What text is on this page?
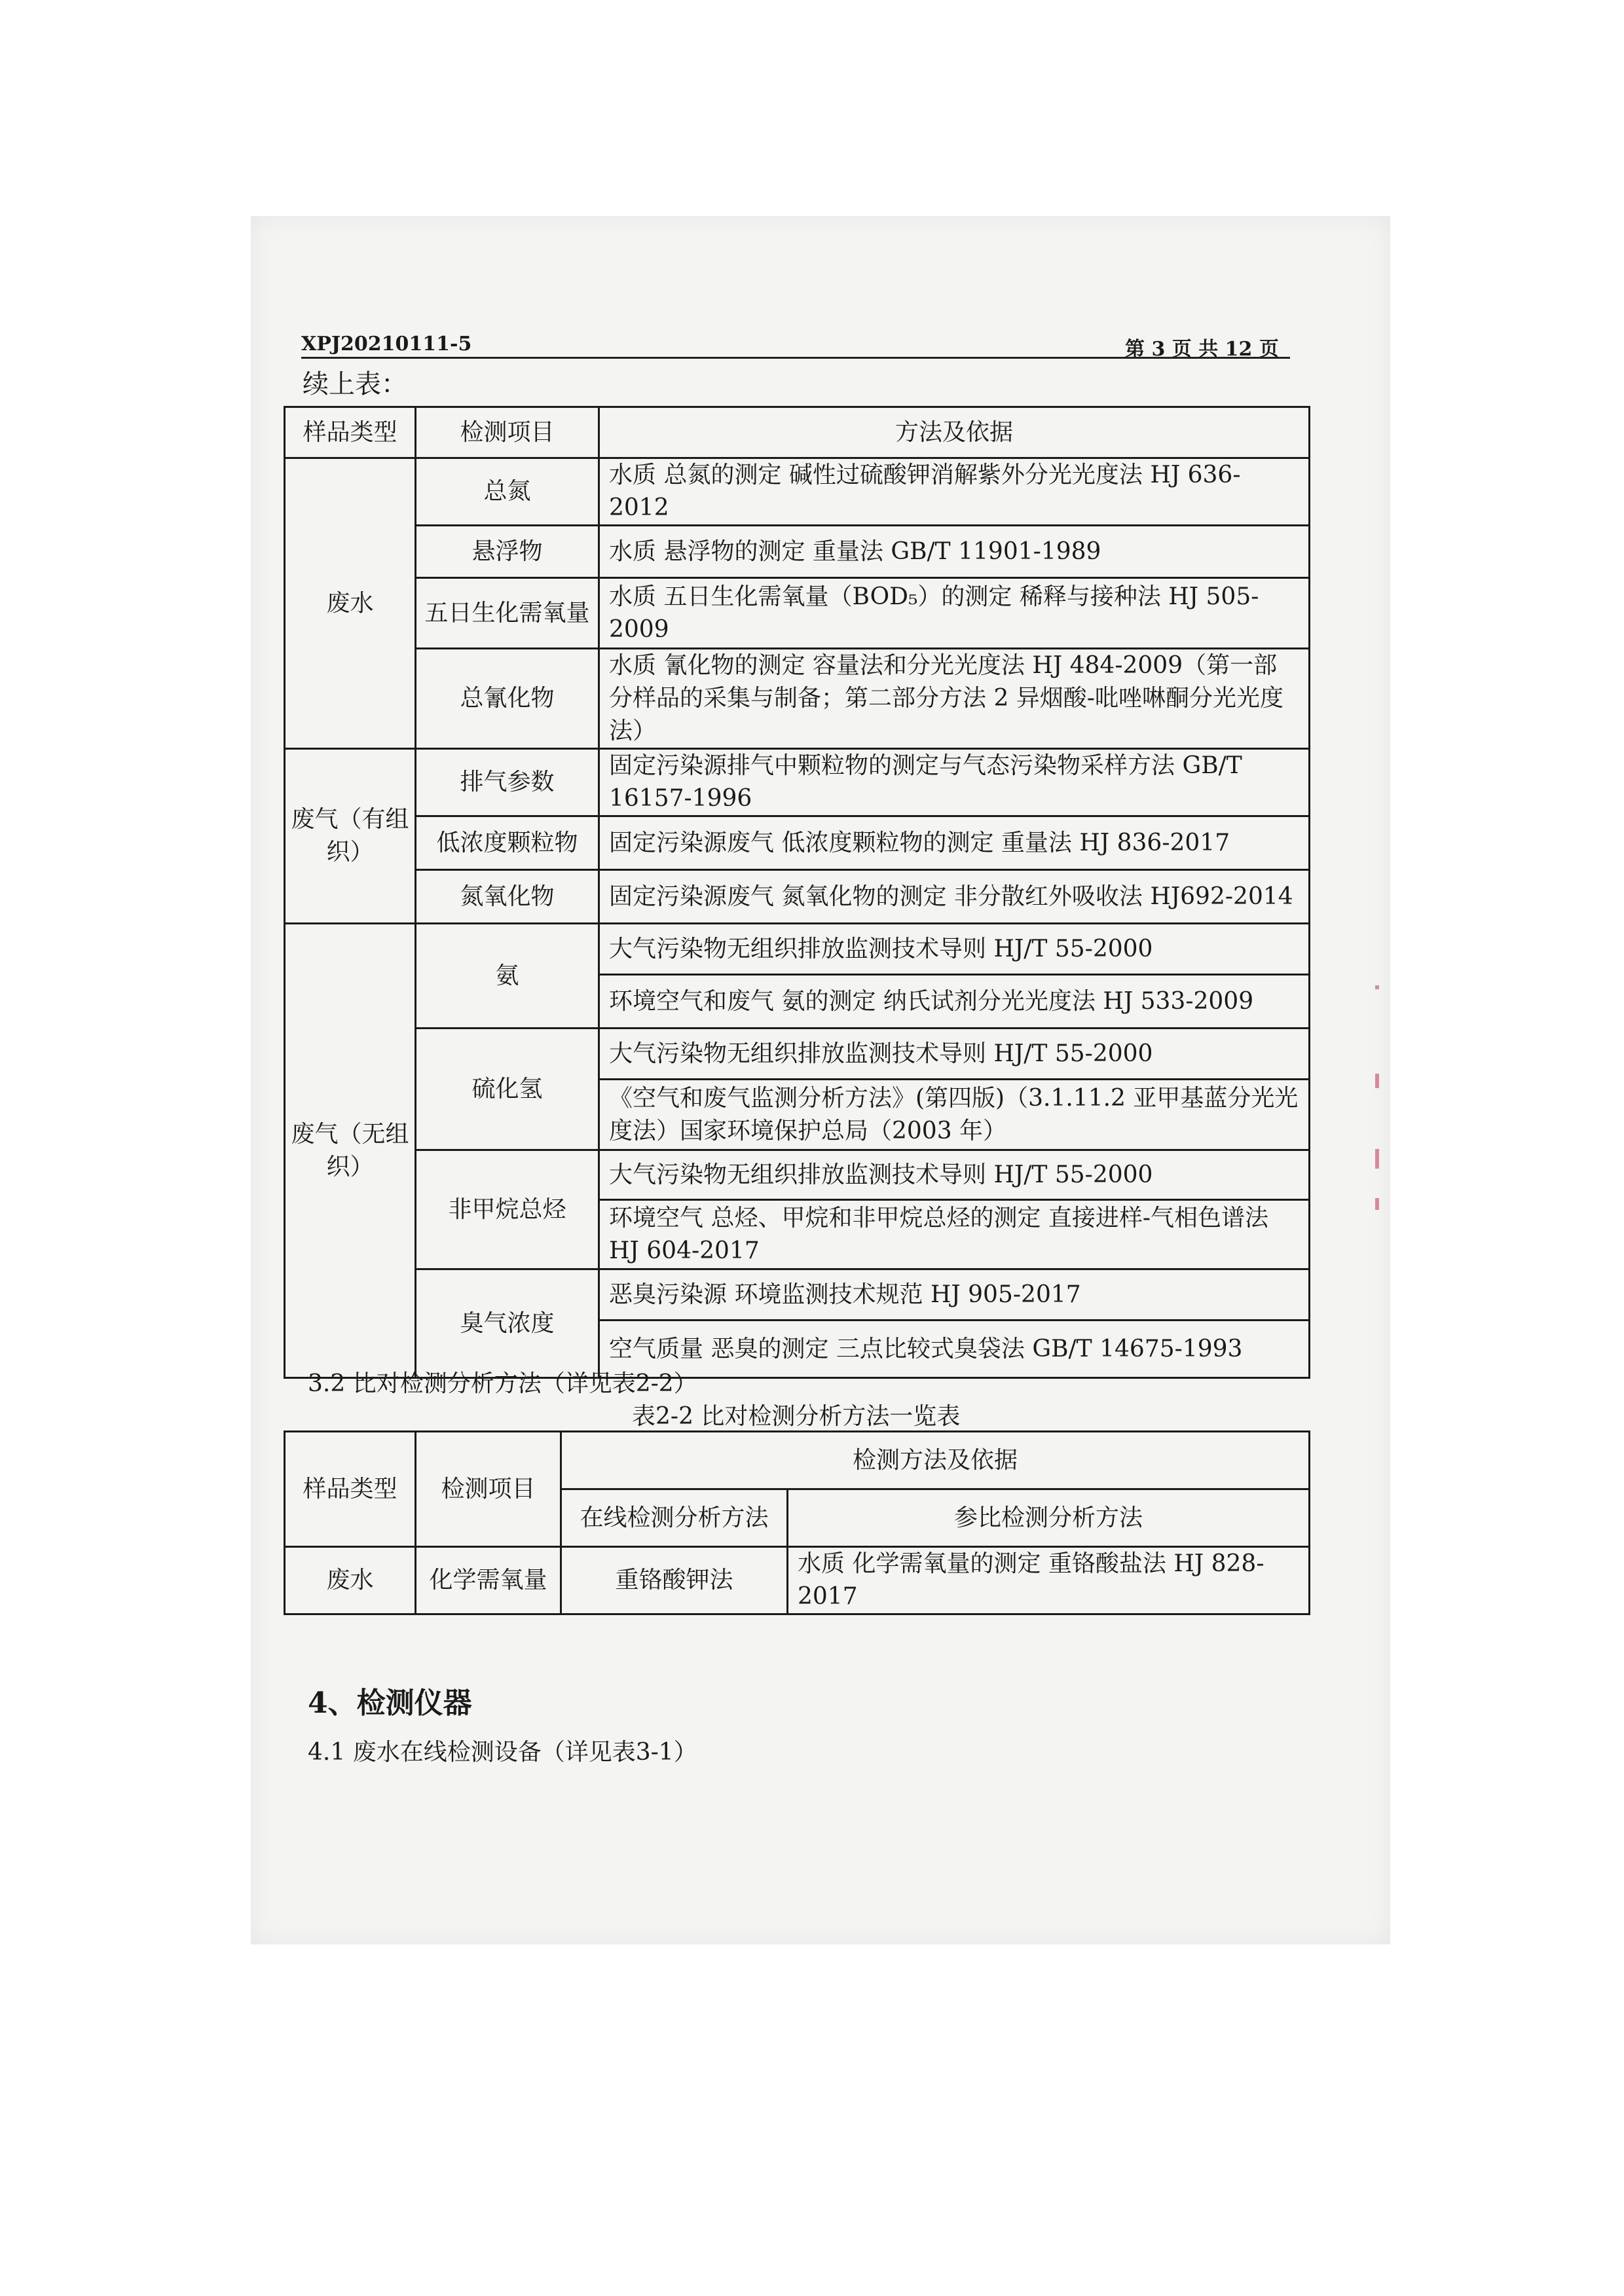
XPJ20210111-5	第 3 页 共 12 页
续上表：
样品类型	检测项目	方法及依据
废水	总氮	水质 总氮的测定 碱性过硫酸钾消解紫外分光光度法 HJ 636-2012
	悬浮物	水质 悬浮物的测定 重量法 GB/T 11901-1989
	五日生化需氧量	水质 五日生化需氧量（BOD₅）的测定 稀释与接种法 HJ 505-2009
	总氰化物	水质 氰化物的测定 容量法和分光光度法 HJ 484-2009（第一部分样品的采集与制备；第二部分方法 2 异烟酸-吡唑啉酮分光光度法）
废气（有组织）	排气参数	固定污染源排气中颗粒物的测定与气态污染物采样方法 GB/T 16157-1996
	低浓度颗粒物	固定污染源废气 低浓度颗粒物的测定 重量法 HJ 836-2017
	氮氧化物	固定污染源废气 氮氧化物的测定 非分散红外吸收法 HJ692-2014
废气（无组织）	氨	大气污染物无组织排放监测技术导则 HJ/T 55-2000
		环境空气和废气 氨的测定 纳氏试剂分光光度法 HJ 533-2009
	硫化氢	大气污染物无组织排放监测技术导则 HJ/T 55-2000
		《空气和废气监测分析方法》(第四版)（3.1.11.2 亚甲基蓝分光光度法）国家环境保护总局（2003 年）
	非甲烷总烃	大气污染物无组织排放监测技术导则 HJ/T 55-2000
		环境空气 总烃、甲烷和非甲烷总烃的测定 直接进样-气相色谱法 HJ 604-2017
	臭气浓度	恶臭污染源 环境监测技术规范 HJ 905-2017
		空气质量 恶臭的测定 三点比较式臭袋法 GB/T 14675-1993
3.2 比对检测分析方法（详见表2-2）
表2-2 比对检测分析方法一览表
样品类型	检测项目	检测方法及依据	
		在线检测分析方法	参比检测分析方法
废水	化学需氧量	重铬酸钾法	水质 化学需氧量的测定 重铬酸盐法 HJ 828-2017
4、检测仪器
4.1 废水在线检测设备（详见表3-1）
